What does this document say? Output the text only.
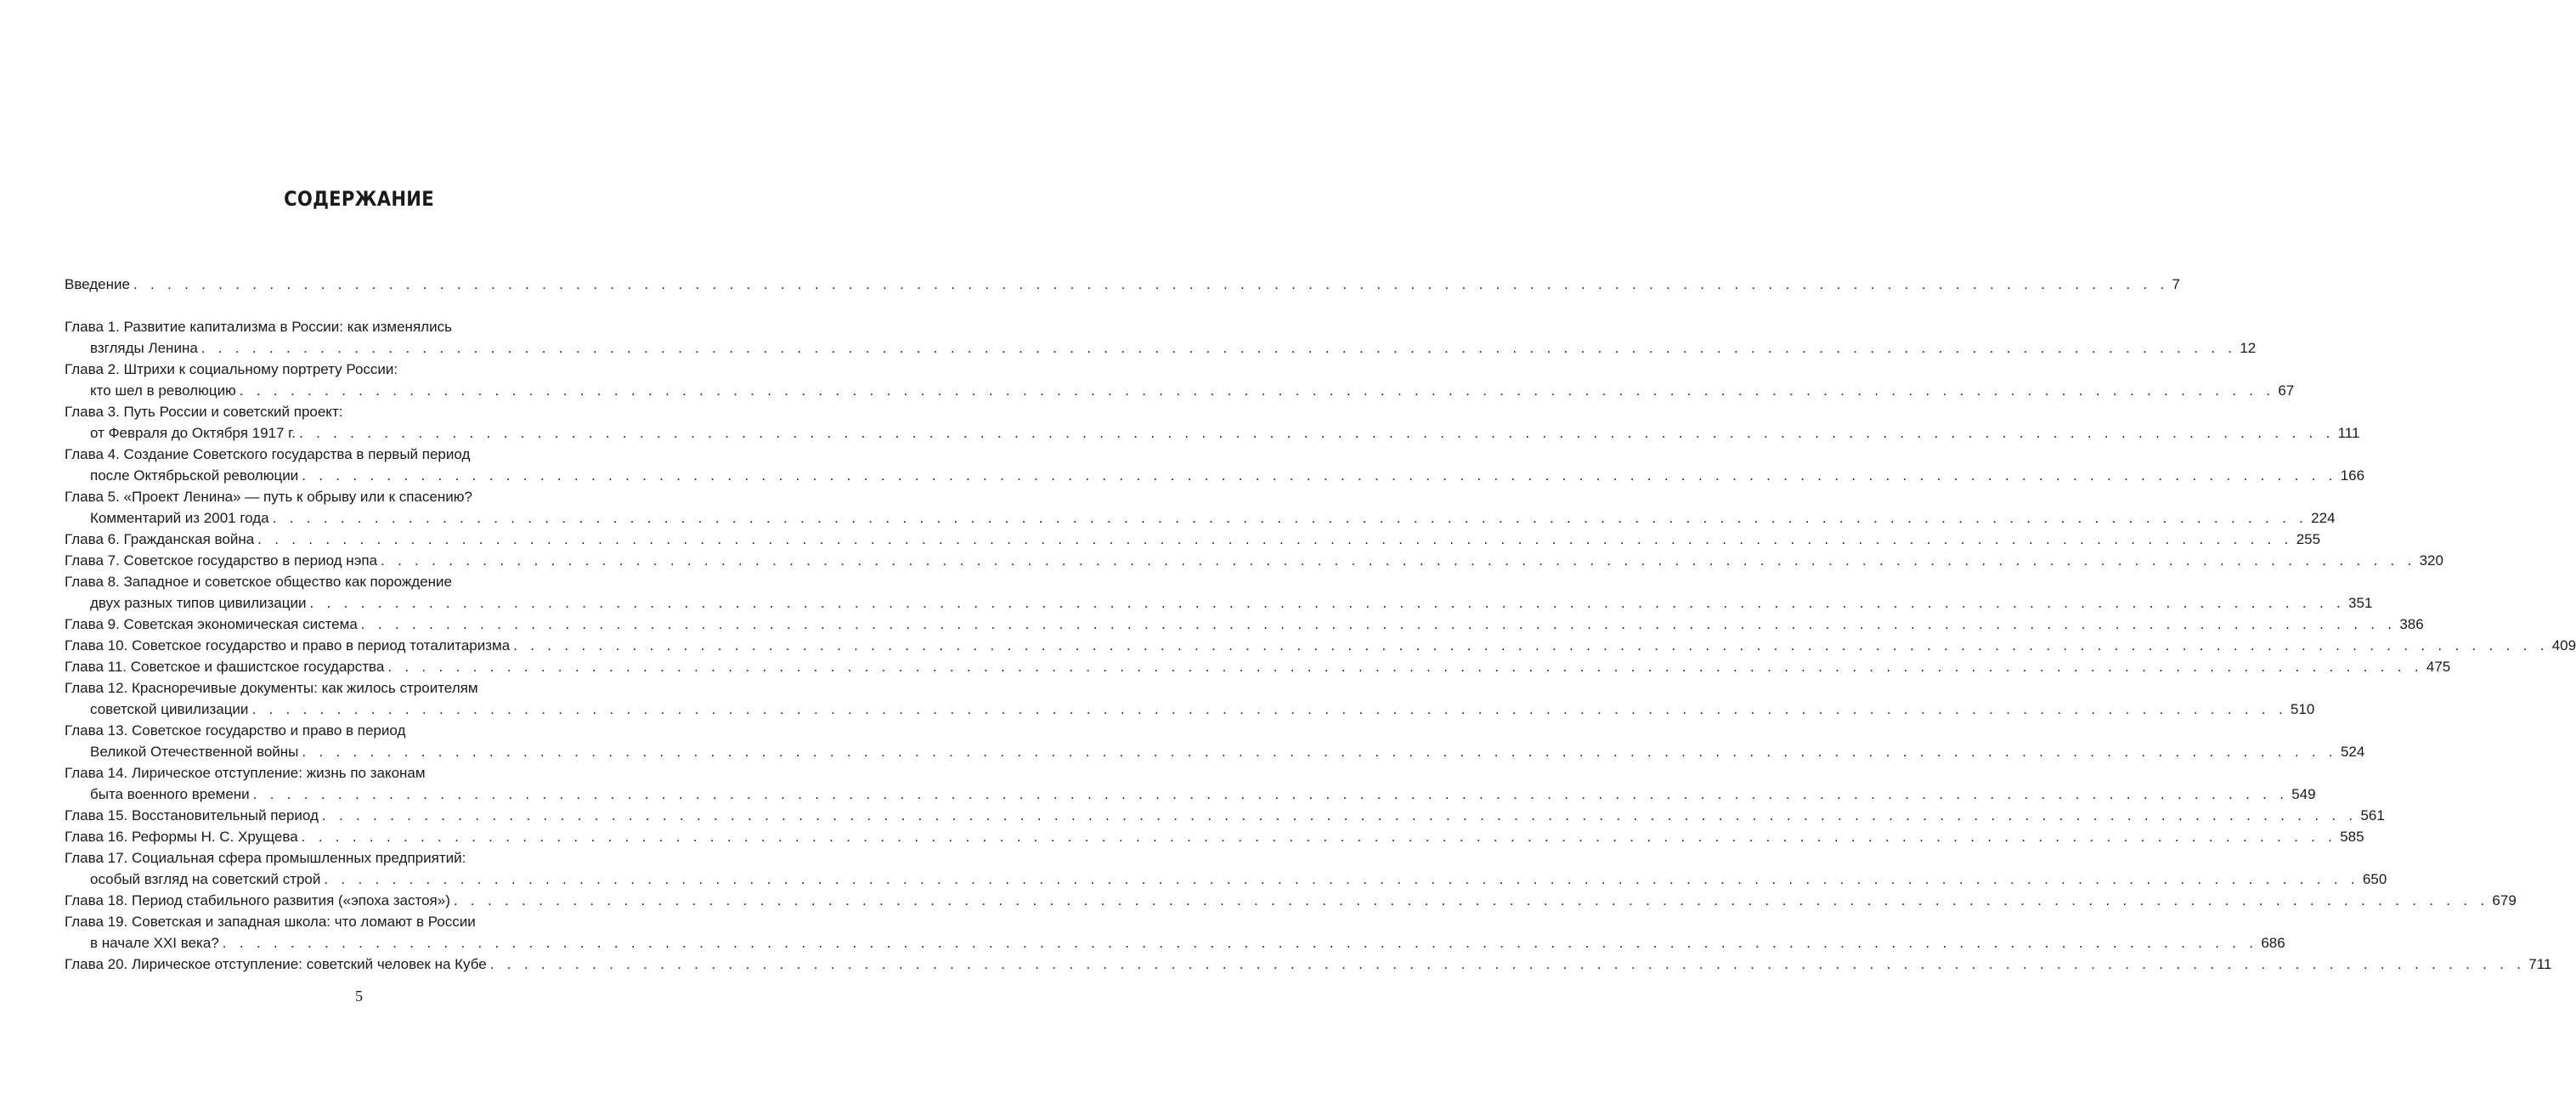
СОДЕРЖАНИЕ
Введение . . . . . . . . . . . . . . . . . . . . . . . . . . . . . . . . . . . . . . . . . . . . . . . . . . . . . . . . . . . . . . . . . . . . . . . . . . . . . . . . . . . . . . . . . . . . . . . . . . . . . . . . . . . . . . . . . . . . . . . . 7
Глава 1. Развитие капитализма в России: как изменялись
взгляды Ленина . . . . . . . . . . . . . . . . . . . . . . . . . . . . . . . . . . . . . . . . . . . . . . . . . . . . . . . . . . . . . . . . . . . . . . . . . . . . . . . . . . . . . . . . . . . . . . . . . . . . . . . . . . . . . . . . . . . . . . . . 12
Глава 2. Штрихи к социальному портрету России:
кто шел в революцию . . . . . . . . . . . . . . . . . . . . . . . . . . . . . . . . . . . . . . . . . . . . . . . . . . . . . . . . . . . . . . . . . . . . . . . . . . . . . . . . . . . . . . . . . . . . . . . . . . . . . . . . . . . . . . . . . . . . . . . . 67
Глава 3. Путь России и советский проект:
от Февраля до Октября 1917 г. . . . . . . . . . . . . . . . . . . . . . . . . . . . . . . . . . . . . . . . . . . . . . . . . . . . . . . . . . . . . . . . . . . . . . . . . . . . . . . . . . . . . . . . . . . . . . . . . . . . . . . . . . . . . . . . . . . . . . . . . 111
Глава 4. Создание Советского государства в первый период
после Октябрьской революции . . . . . . . . . . . . . . . . . . . . . . . . . . . . . . . . . . . . . . . . . . . . . . . . . . . . . . . . . . . . . . . . . . . . . . . . . . . . . . . . . . . . . . . . . . . . . . . . . . . . . . . . . . . . . . . . . . . . . . . . 166
Глава 5. «Проект Ленина» — путь к обрыву или к спасению?
Комментарий из 2001 года . . . . . . . . . . . . . . . . . . . . . . . . . . . . . . . . . . . . . . . . . . . . . . . . . . . . . . . . . . . . . . . . . . . . . . . . . . . . . . . . . . . . . . . . . . . . . . . . . . . . . . . . . . . . . . . . . . . . . . . . 224
Глава 6. Гражданская война . . . . . . . . . . . . . . . . . . . . . . . . . . . . . . . . . . . . . . . . . . . . . . . . . . . . . . . . . . . . . . . . . . . . . . . . . . . . . . . . . . . . . . . . . . . . . . . . . . . . . . . . . . . . . . . . . . . . . . . . 255
Глава 7. Советское государство в период нэпа . . . . . . . . . . . . . . . . . . . . . . . . . . . . . . . . . . . . . . . . . . . . . . . . . . . . . . . . . . . . . . . . . . . . . . . . . . . . . . . . . . . . . . . . . . . . . . . . . . . . . . . . . . . . . . . . . . . . . . . . 320
Глава 8. Западное и советское общество как порождение
двух разных типов цивилизации . . . . . . . . . . . . . . . . . . . . . . . . . . . . . . . . . . . . . . . . . . . . . . . . . . . . . . . . . . . . . . . . . . . . . . . . . . . . . . . . . . . . . . . . . . . . . . . . . . . . . . . . . . . . . . . . . . . . . . . . 351
Глава 9. Советская экономическая система . . . . . . . . . . . . . . . . . . . . . . . . . . . . . . . . . . . . . . . . . . . . . . . . . . . . . . . . . . . . . . . . . . . . . . . . . . . . . . . . . . . . . . . . . . . . . . . . . . . . . . . . . . . . . . . . . . . . . . . . 386
Глава 10. Советское государство и право в период тоталитаризма . . . . . . . . . . . . . . . . . . . . . . . . . . . . . . . . . . . . . . . . . . . . . . . . . . . . . . . . . . . . . . . . . . . . . . . . . . . . . . . . . . . . . . . . . . . . . . . . . . . . . . . . . . . . . . . . . . . . . . . . 409
Глава 11. Советское и фашистское государства . . . . . . . . . . . . . . . . . . . . . . . . . . . . . . . . . . . . . . . . . . . . . . . . . . . . . . . . . . . . . . . . . . . . . . . . . . . . . . . . . . . . . . . . . . . . . . . . . . . . . . . . . . . . . . . . . . . . . . . . 475
Глава 12. Красноречивые документы: как жилось строителям
советской цивилизации . . . . . . . . . . . . . . . . . . . . . . . . . . . . . . . . . . . . . . . . . . . . . . . . . . . . . . . . . . . . . . . . . . . . . . . . . . . . . . . . . . . . . . . . . . . . . . . . . . . . . . . . . . . . . . . . . . . . . . . . 510
Глава 13. Советское государство и право в период
Великой Отечественной войны . . . . . . . . . . . . . . . . . . . . . . . . . . . . . . . . . . . . . . . . . . . . . . . . . . . . . . . . . . . . . . . . . . . . . . . . . . . . . . . . . . . . . . . . . . . . . . . . . . . . . . . . . . . . . . . . . . . . . . . . 524
Глава 14. Лирическое отступление: жизнь по законам
быта военного времени . . . . . . . . . . . . . . . . . . . . . . . . . . . . . . . . . . . . . . . . . . . . . . . . . . . . . . . . . . . . . . . . . . . . . . . . . . . . . . . . . . . . . . . . . . . . . . . . . . . . . . . . . . . . . . . . . . . . . . . . 549
Глава 15. Восстановительный период . . . . . . . . . . . . . . . . . . . . . . . . . . . . . . . . . . . . . . . . . . . . . . . . . . . . . . . . . . . . . . . . . . . . . . . . . . . . . . . . . . . . . . . . . . . . . . . . . . . . . . . . . . . . . . . . . . . . . . . . 561
Глава 16. Реформы Н. С. Хрущева . . . . . . . . . . . . . . . . . . . . . . . . . . . . . . . . . . . . . . . . . . . . . . . . . . . . . . . . . . . . . . . . . . . . . . . . . . . . . . . . . . . . . . . . . . . . . . . . . . . . . . . . . . . . . . . . . . . . . . . . 585
Глава 17. Социальная сфера промышленных предприятий:
особый взгляд на советский строй . . . . . . . . . . . . . . . . . . . . . . . . . . . . . . . . . . . . . . . . . . . . . . . . . . . . . . . . . . . . . . . . . . . . . . . . . . . . . . . . . . . . . . . . . . . . . . . . . . . . . . . . . . . . . . . . . . . . . . . . 650
Глава 18. Период стабильного развития («эпоха застоя») . . . . . . . . . . . . . . . . . . . . . . . . . . . . . . . . . . . . . . . . . . . . . . . . . . . . . . . . . . . . . . . . . . . . . . . . . . . . . . . . . . . . . . . . . . . . . . . . . . . . . . . . . . . . . . . . . . . . . . . . 679
Глава 19. Советская и западная школа: что ломают в России
в начале XXI века? . . . . . . . . . . . . . . . . . . . . . . . . . . . . . . . . . . . . . . . . . . . . . . . . . . . . . . . . . . . . . . . . . . . . . . . . . . . . . . . . . . . . . . . . . . . . . . . . . . . . . . . . . . . . . . . . . . . . . . . . 686
Глава 20. Лирическое отступление: советский человек на Кубе . . . . . . . . . . . . . . . . . . . . . . . . . . . . . . . . . . . . . . . . . . . . . . . . . . . . . . . . . . . . . . . . . . . . . . . . . . . . . . . . . . . . . . . . . . . . . . . . . . . . . . . . . . . . . . . . . . . . . . . . 711
5
